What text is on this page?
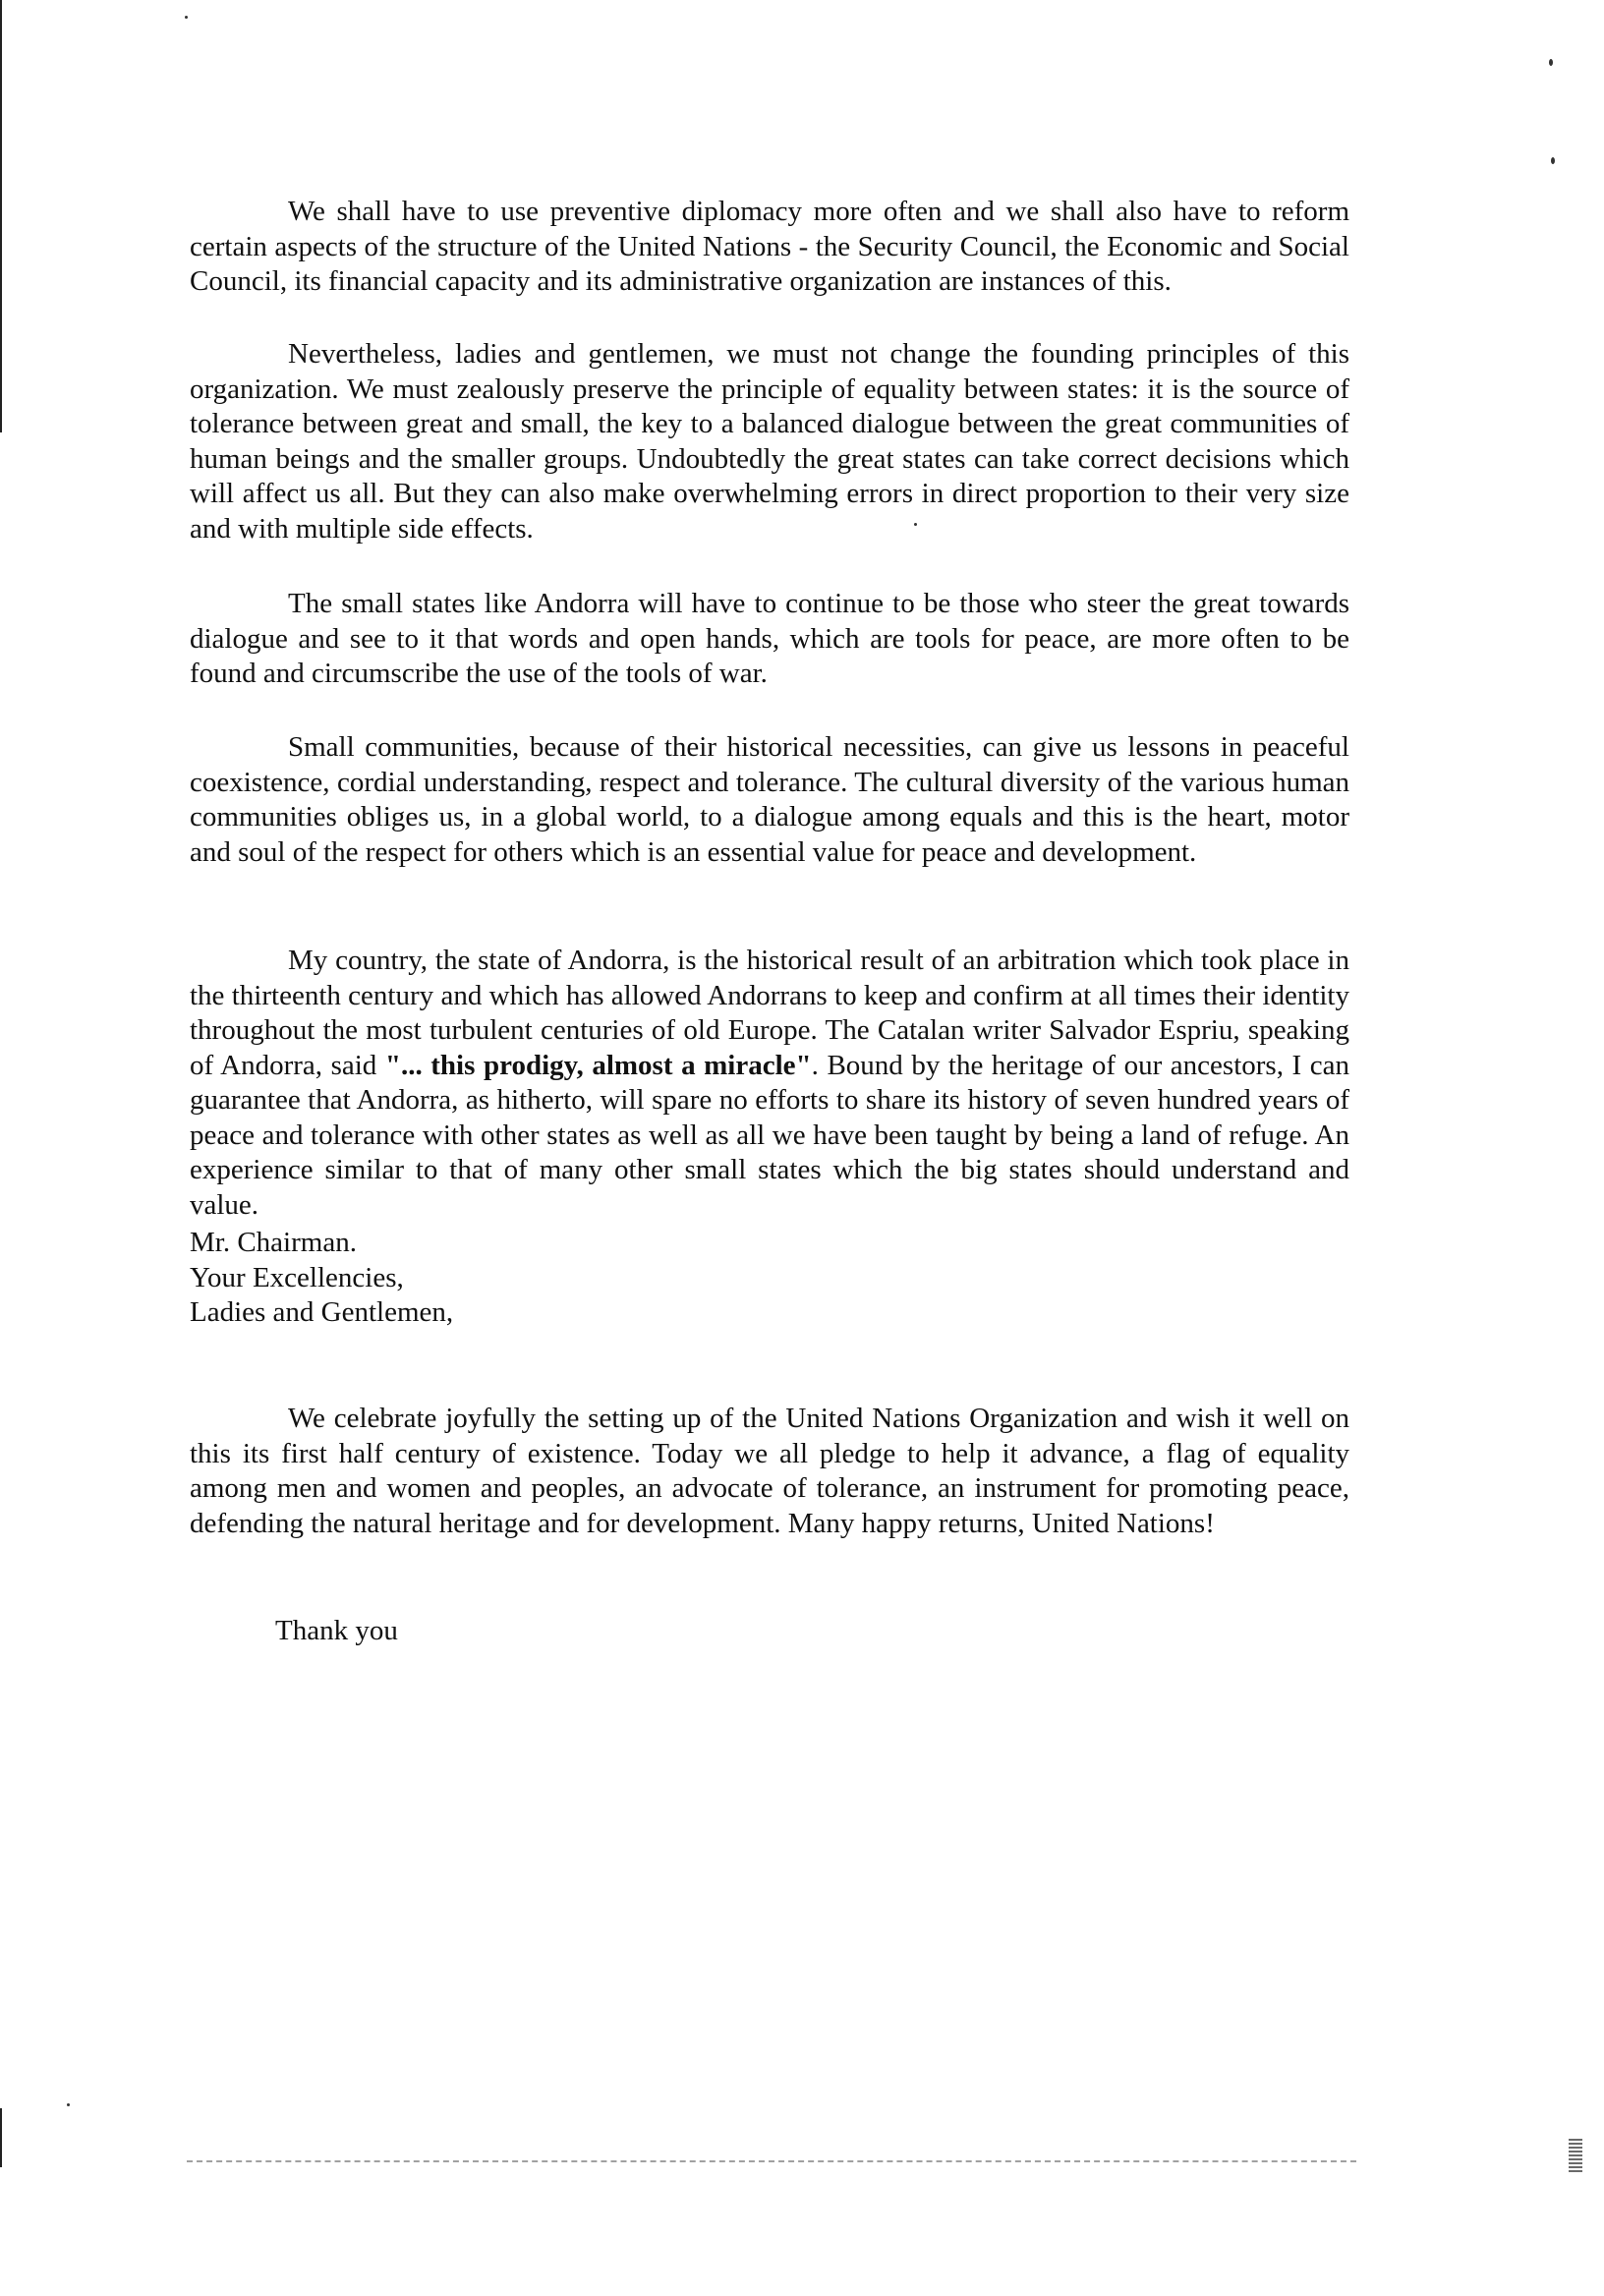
We shall have to use preventive diplomacy more often and we shall also have to reform certain aspects of the structure of the United Nations - the Security Council, the Economic and Social Council, its financial capacity and its administrative organization are instances of this.

Nevertheless, ladies and gentlemen, we must not change the founding principles of this organization. We must zealously preserve the principle of equality between states: it is the source of tolerance between great and small, the key to a balanced dialogue between the great communities of human beings and the smaller groups. Undoubtedly the great states can take correct decisions which will affect us all. But they can also make overwhelming errors in direct proportion to their very size and with multiple side effects.

The small states like Andorra will have to continue to be those who steer the great towards dialogue and see to it that words and open hands, which are tools for peace, are more often to be found and circumscribe the use of the tools of war.

Small communities, because of their historical necessities, can give us lessons in peaceful coexistence, cordial understanding, respect and tolerance. The cultural diversity of the various human communities obliges us, in a global world, to a dialogue among equals and this is the heart, motor and soul of the respect for others which is an essential value for peace and development.

My country, the state of Andorra, is the historical result of an arbitration which took place in the thirteenth century and which has allowed Andorrans to keep and confirm at all times their identity throughout the most turbulent centuries of old Europe. The Catalan writer Salvador Espriu, speaking of Andorra, said "... this prodigy, almost a miracle". Bound by the heritage of our ancestors, I can guarantee that Andorra, as hitherto, will spare no efforts to share its history of seven hundred years of peace and tolerance with other states as well as all we have been taught by being a land of refuge. An experience similar to that of many other small states which the big states should understand and value.

Mr. Chairman.
Your Excellencies,
Ladies and Gentlemen,

We celebrate joyfully the setting up of the United Nations Organization and wish it well on this its first half century of existence. Today we all pledge to help it advance, a flag of equality among men and women and peoples, an advocate of tolerance, an instrument for promoting peace, defending the natural heritage and for development. Many happy returns, United Nations!

Thank you
